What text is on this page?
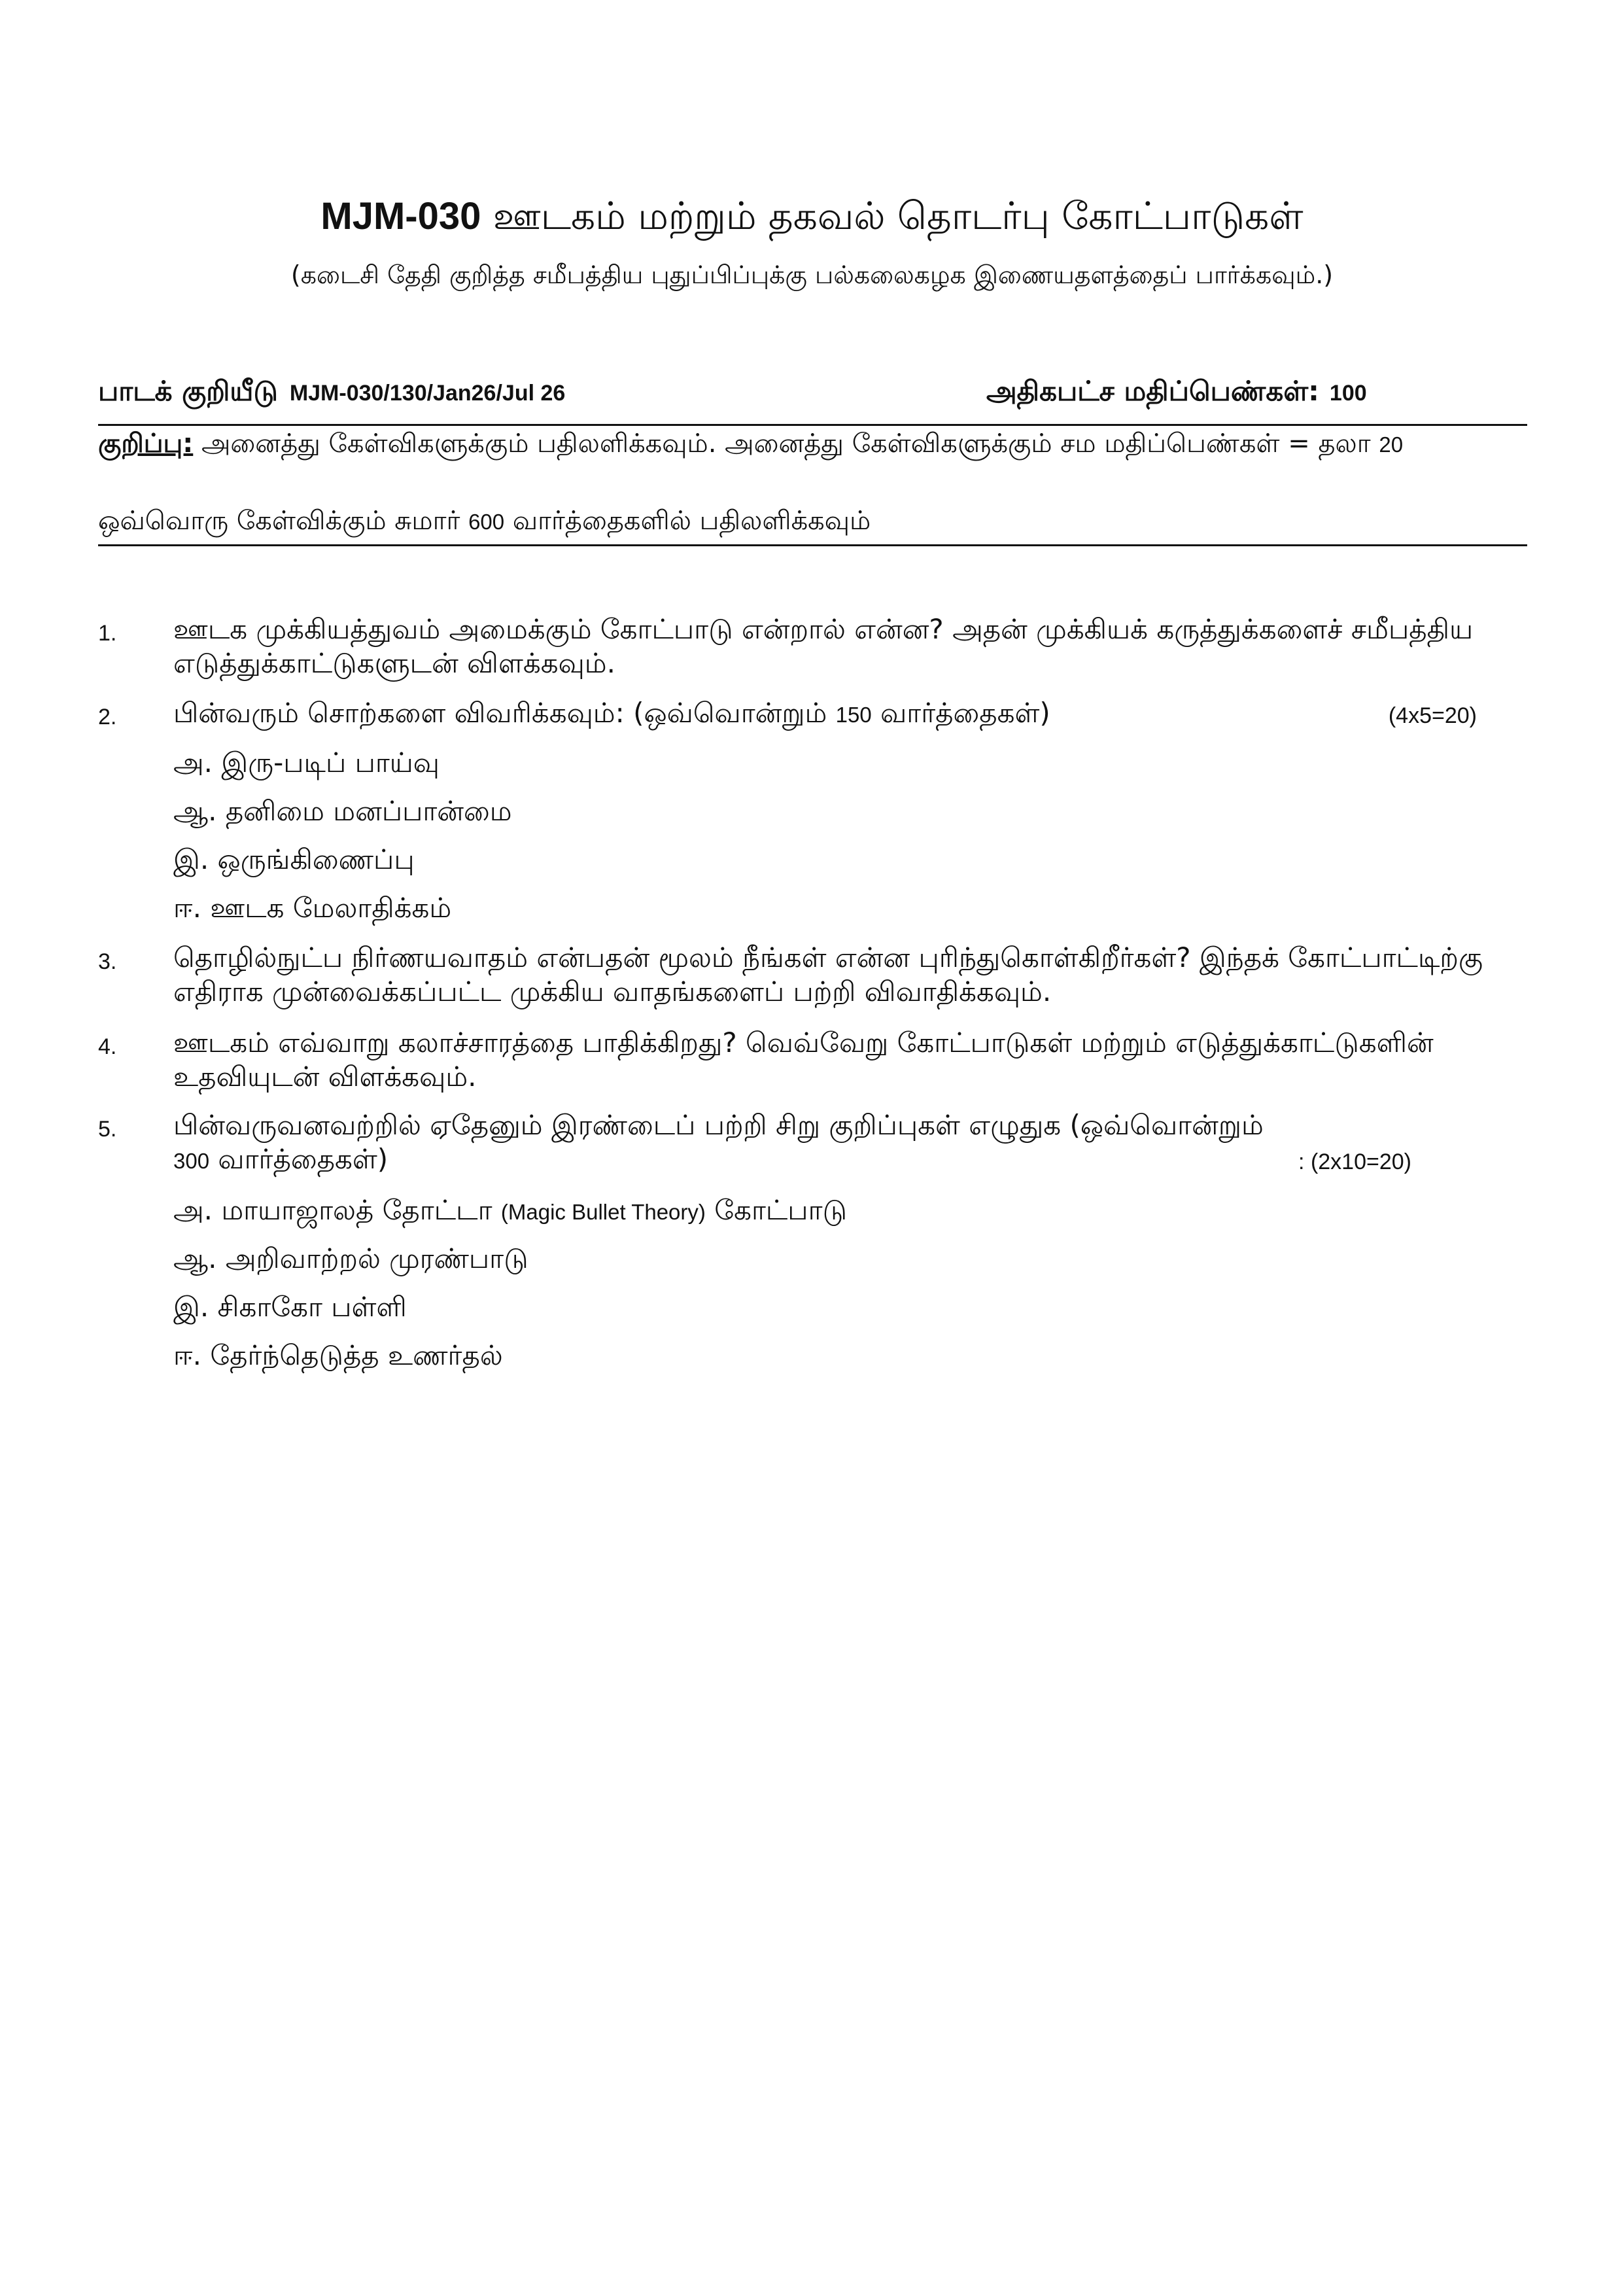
MJM-030 ஊடகம் மற்றும் தகவல் தொடர்பு கோட்பாடுகள்
(கடைசி தேதி குறித்த சமீபத்திய புதுப்பிப்புக்கு பல்கலைகழக இணையதளத்தைப் பார்க்கவும்.)
பாடக் குறியீடு MJM-030/130/Jan26/Jul 26	அதிகபட்ச மதிப்பெண்கள்: 100
குறிப்பு: அனைத்து கேள்விகளுக்கும் பதிலளிக்கவும். அனைத்து கேள்விகளுக்கும் சம மதிப்பெண்கள் = தலா 20
ஒவ்வொரு கேள்விக்கும் சுமார் 600 வார்த்தைகளில் பதிலளிக்கவும்
1. ஊடக முக்கியத்துவம் அமைக்கும் கோட்பாடு என்றால் என்ன? அதன் முக்கியக் கருத்துக்களைச் சமீபத்திய எடுத்துக்காட்டுகளுடன் விளக்கவும்.
2. பின்வரும் சொற்களை விவரிக்கவும்: (ஒவ்வொன்றும் 150 வார்த்தைகள்)	(4x5=20)
அ. இரு-படிப் பாய்வு
ஆ. தனிமை மனப்பான்மை
இ. ஒருங்கிணைப்பு
ஈ. ஊடக மேலாதிக்கம்
3. தொழில்நுட்ப நிர்ணயவாதம் என்பதன் மூலம் நீங்கள் என்ன புரிந்துகொள்கிறீர்கள்? இந்தக் கோட்பாட்டிற்கு எதிராக முன்வைக்கப்பட்ட முக்கிய வாதங்களைப் பற்றி விவாதிக்கவும்.
4. ஊடகம் எவ்வாறு கலாச்சாரத்தை பாதிக்கிறது? வெவ்வேறு கோட்பாடுகள் மற்றும் எடுத்துக்காட்டுகளின் உதவியுடன் விளக்கவும்.
5. பின்வருவனவற்றில் ஏதேனும் இரண்டைப் பற்றி சிறு குறிப்புகள் எழுதுக (ஒவ்வொன்றும்
300 வார்த்தைகள்)	: (2x10=20)
அ. மாயாஜாலத் தோட்டா (Magic Bullet Theory) கோட்பாடு
ஆ. அறிவாற்றல் முரண்பாடு
இ. சிகாகோ பள்ளி
ஈ. தேர்ந்தெடுத்த உணர்தல்
